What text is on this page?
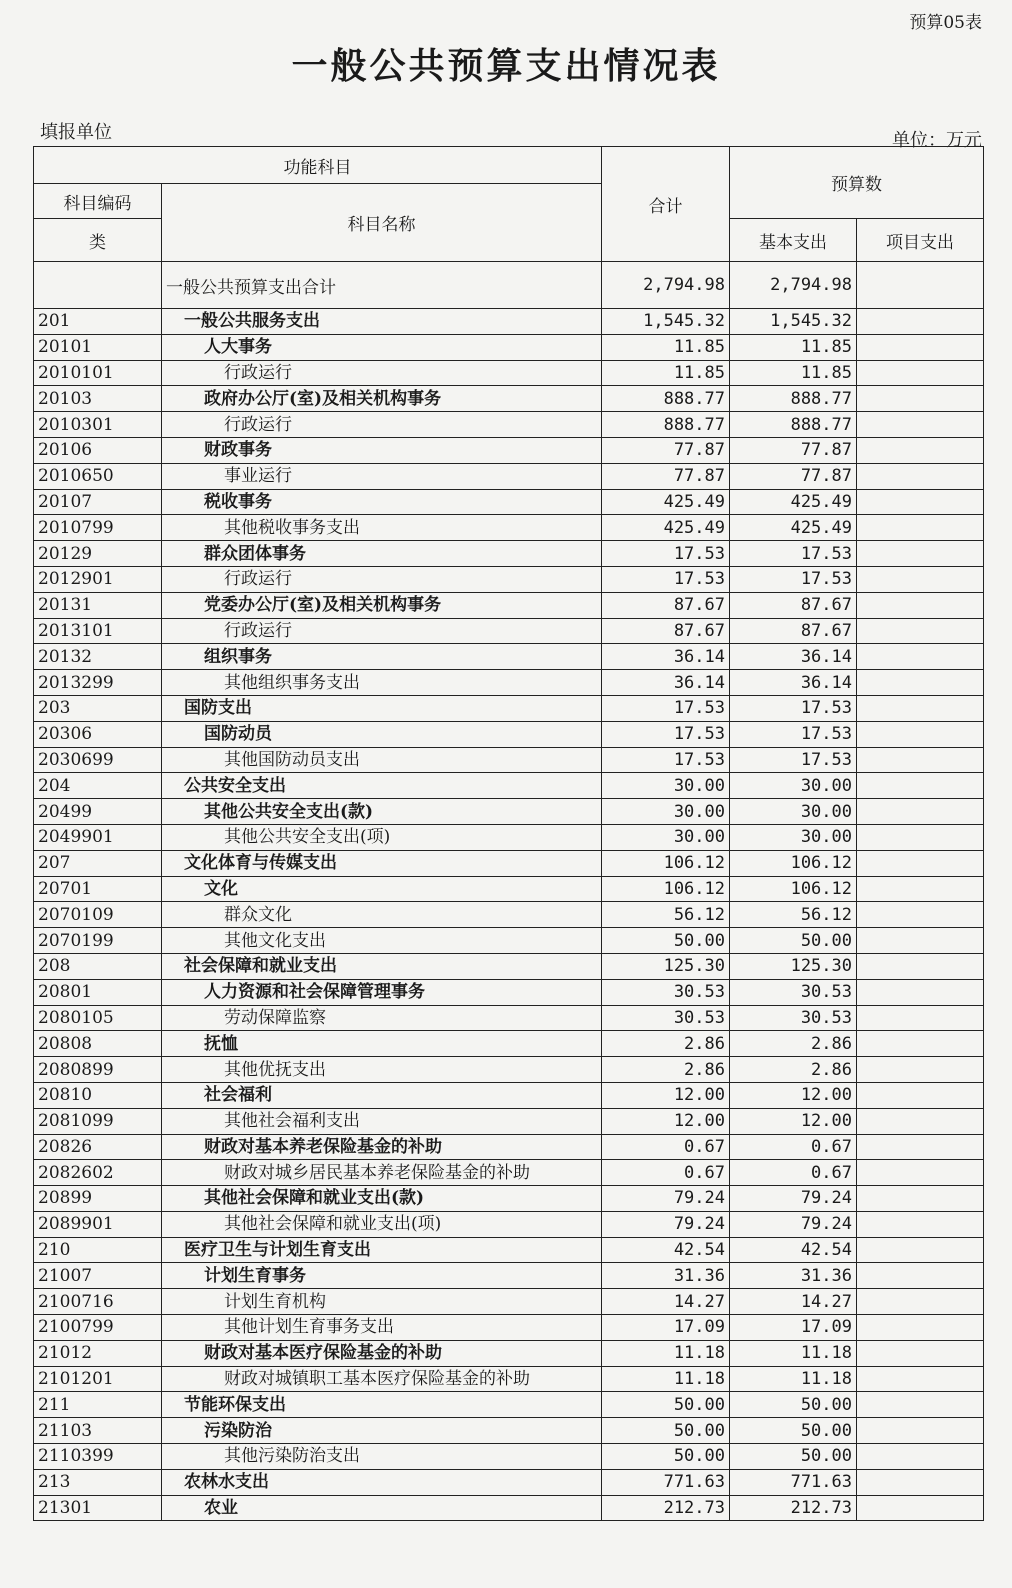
预算05表
一般公共预算支出情况表
填报单位	单位：万元
功能科目		合计	预算数	
科目编码	科目名称			
类			基本支出	项目支出
	一般公共预算支出合计	2,794.98	2,794.98	
201	一般公共服务支出	1,545.32	1,545.32	
20101	人大事务	11.85	11.85	
2010101	行政运行	11.85	11.85	
20103	政府办公厅(室)及相关机构事务	888.77	888.77	
2010301	行政运行	888.77	888.77	
20106	财政事务	77.87	77.87	
2010650	事业运行	77.87	77.87	
20107	税收事务	425.49	425.49	
2010799	其他税收事务支出	425.49	425.49	
20129	群众团体事务	17.53	17.53	
2012901	行政运行	17.53	17.53	
20131	党委办公厅(室)及相关机构事务	87.67	87.67	
2013101	行政运行	87.67	87.67	
20132	组织事务	36.14	36.14	
2013299	其他组织事务支出	36.14	36.14	
203	国防支出	17.53	17.53	
20306	国防动员	17.53	17.53	
2030699	其他国防动员支出	17.53	17.53	
204	公共安全支出	30.00	30.00	
20499	其他公共安全支出(款)	30.00	30.00	
2049901	其他公共安全支出(项)	30.00	30.00	
207	文化体育与传媒支出	106.12	106.12	
20701	文化	106.12	106.12	
2070109	群众文化	56.12	56.12	
2070199	其他文化支出	50.00	50.00	
208	社会保障和就业支出	125.30	125.30	
20801	人力资源和社会保障管理事务	30.53	30.53	
2080105	劳动保障监察	30.53	30.53	
20808	抚恤	2.86	2.86	
2080899	其他优抚支出	2.86	2.86	
20810	社会福利	12.00	12.00	
2081099	其他社会福利支出	12.00	12.00	
20826	财政对基本养老保险基金的补助	0.67	0.67	
2082602	财政对城乡居民基本养老保险基金的补助	0.67	0.67	
20899	其他社会保障和就业支出(款)	79.24	79.24	
2089901	其他社会保障和就业支出(项)	79.24	79.24	
210	医疗卫生与计划生育支出	42.54	42.54	
21007	计划生育事务	31.36	31.36	
2100716	计划生育机构	14.27	14.27	
2100799	其他计划生育事务支出	17.09	17.09	
21012	财政对基本医疗保险基金的补助	11.18	11.18	
2101201	财政对城镇职工基本医疗保险基金的补助	11.18	11.18	
211	节能环保支出	50.00	50.00	
21103	污染防治	50.00	50.00	
2110399	其他污染防治支出	50.00	50.00	
213	农林水支出	771.63	771.63	
21301	农业	212.73	212.73	
